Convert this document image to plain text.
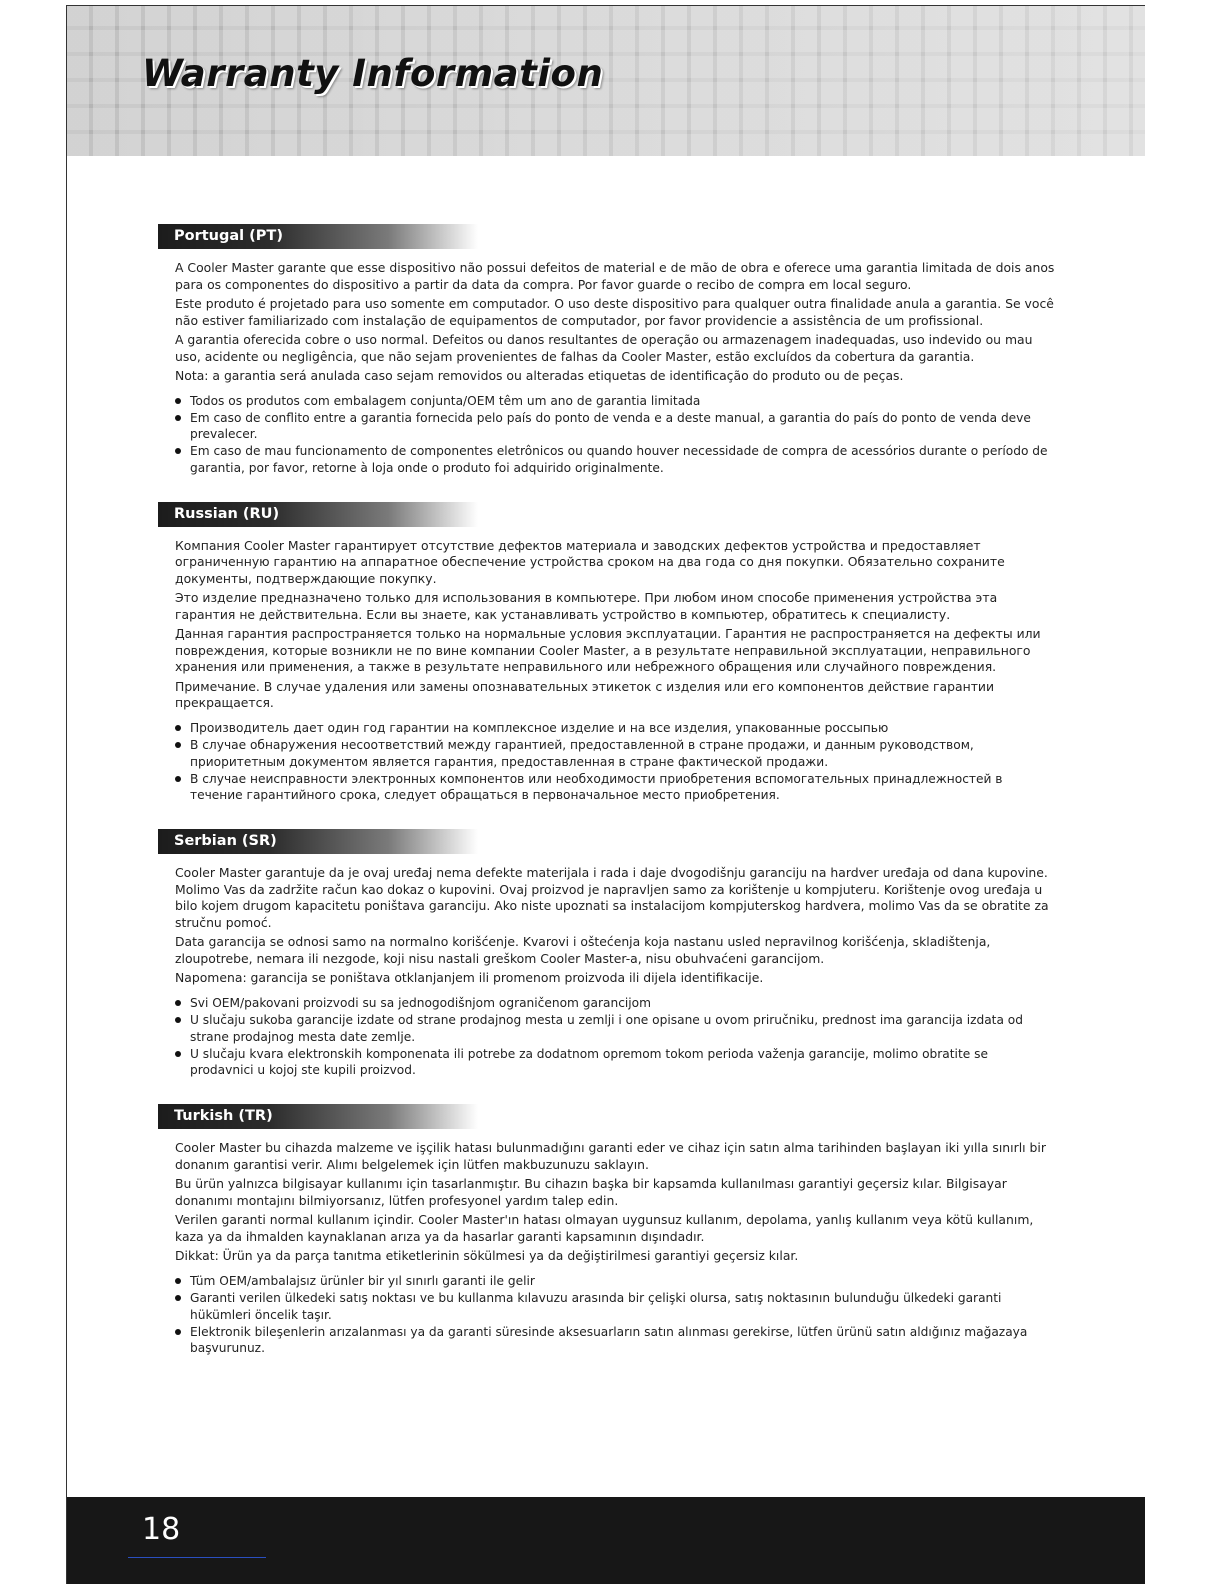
Warranty Information
Portugal (PT)

A Cooler Master garante que esse dispositivo não possui defeitos de material e de mão de obra e oferece uma garantia limitada de dois anos para os componentes do dispositivo a partir da data da compra. Por favor guarde o recibo de compra em local seguro.

Este produto é projetado para uso somente em computador. O uso deste dispositivo para qualquer outra finalidade anula a garantia. Se você não estiver familiarizado com instalação de equipamentos de computador, por favor providencie a assistência de um profissional.

A garantia oferecida cobre o uso normal. Defeitos ou danos resultantes de operação ou armazenagem inadequadas, uso indevido ou mau uso, acidente ou negligência, que não sejam provenientes de falhas da Cooler Master, estão excluídos da cobertura da garantia.

Nota: a garantia será anulada caso sejam removidos ou alteradas etiquetas de identificação do produto ou de peças.

Todos os produtos com embalagem conjunta/OEM têm um ano de garantia limitada
Em caso de conflito entre a garantia fornecida pelo país do ponto de venda e a deste manual, a garantia do país do ponto de venda deve prevalecer.
Em caso de mau funcionamento de componentes eletrônicos ou quando houver necessidade de compra de acessórios durante o período de garantia, por favor, retorne à loja onde o produto foi adquirido originalmente.
Russian (RU)

Компания Cooler Master гарантирует отсутствие дефектов материала и заводских дефектов устройства и предоставляет ограниченную гарантию на аппаратное обеспечение устройства сроком на два года со дня покупки. Обязательно сохраните документы, подтверждающие покупку.

Это изделие предназначено только для использования в компьютере. При любом ином способе применения устройства эта гарантия не действительна. Если вы знаете, как устанавливать устройство в компьютер, обратитесь к специалисту.

Данная гарантия распространяется только на нормальные условия эксплуатации. Гарантия не распространяется на дефекты или повреждения, которые возникли не по вине компании Cooler Master, а в результате неправильной эксплуатации, неправильного хранения или применения, а также в результате неправильного или небрежного обращения или случайного повреждения.

Примечание. В случае удаления или замены опознавательных этикеток с изделия или его компонентов действие гарантии прекращается.

Производитель дает один год гарантии на комплексное изделие и на все изделия, упакованные россыпью
В случае обнаружения несоответствий между гарантией, предоставленной в стране продажи, и данным руководством, приоритетным документом является гарантия, предоставленная в стране фактической продажи.
В случае неисправности электронных компонентов или необходимости приобретения вспомогательных принадлежностей в течение гарантийного срока, следует обращаться в первоначальное место приобретения.
Serbian (SR)

Cooler Master garantuje da je ovaj uređaj nema defekte materijala i rada i daje dvogodišnju garanciju na hardver uređaja od dana kupovine. Molimo Vas da zadržite račun kao dokaz o kupovini. Ovaj proizvod je napravljen samo za korištenje u kompjuteru. Korištenje ovog uređaja u bilo kojem drugom kapacitetu poništava garanciju. Ako niste upoznati sa instalacijom kompjuterskog hardvera, molimo Vas da se obratite za stručnu pomoć.

Data garancija se odnosi samo na normalno korišćenje. Kvarovi i oštećenja koja nastanu usled nepravilnog korišćenja, skladištenja, zloupotrebe, nemara ili nezgode, koji nisu nastali greškom Cooler Master-a, nisu obuhvaćeni garancijom.

Napomena: garancija se poništava otklanjanjem ili promenom proizvoda ili dijela identifikacije.

Svi OEM/pakovani proizvodi su sa jednogodišnjom ograničenom garancijom
U slučaju sukoba garancije izdate od strane prodajnog mesta u zemlji i one opisane u ovom priručniku, prednost ima garancija izdata od strane prodajnog mesta date zemlje.
U slučaju kvara elektronskih komponenata ili potrebe za dodatnom opremom tokom perioda važenja garancije, molimo obratite se prodavnici u kojoj ste kupili proizvod.
Turkish (TR)

Cooler Master bu cihazda malzeme ve işçilik hatası bulunmadığını garanti eder ve cihaz için satın alma tarihinden başlayan iki yılla sınırlı bir donanım garantisi verir. Alımı belgelemek için lütfen makbuzunuzu saklayın.

Bu ürün yalnızca bilgisayar kullanımı için tasarlanmıştır. Bu cihazın başka bir kapsamda kullanılması garantiyi geçersiz kılar. Bilgisayar donanımı montajını bilmiyorsanız, lütfen profesyonel yardım talep edin.

Verilen garanti normal kullanım içindir. Cooler Master'ın hatası olmayan uygunsuz kullanım, depolama, yanlış kullanım veya kötü kullanım, kaza ya da ihmalden kaynaklanan arıza ya da hasarlar garanti kapsamının dışındadır.

Dikkat: Ürün ya da parça tanıtma etiketlerinin sökülmesi ya da değiştirilmesi garantiyi geçersiz kılar.

Tüm OEM/ambalajsız ürünler bir yıl sınırlı garanti ile gelir
Garanti verilen ülkedeki satış noktası ve bu kullanma kılavuzu arasında bir çelişki olursa, satış noktasının bulunduğu ülkedeki garanti hükümleri öncelik taşır.
Elektronik bileşenlerin arızalanması ya da garanti süresinde aksesuarların satın alınması gerekirse, lütfen ürünü satın aldığınız mağazaya başvurunuz.

18
